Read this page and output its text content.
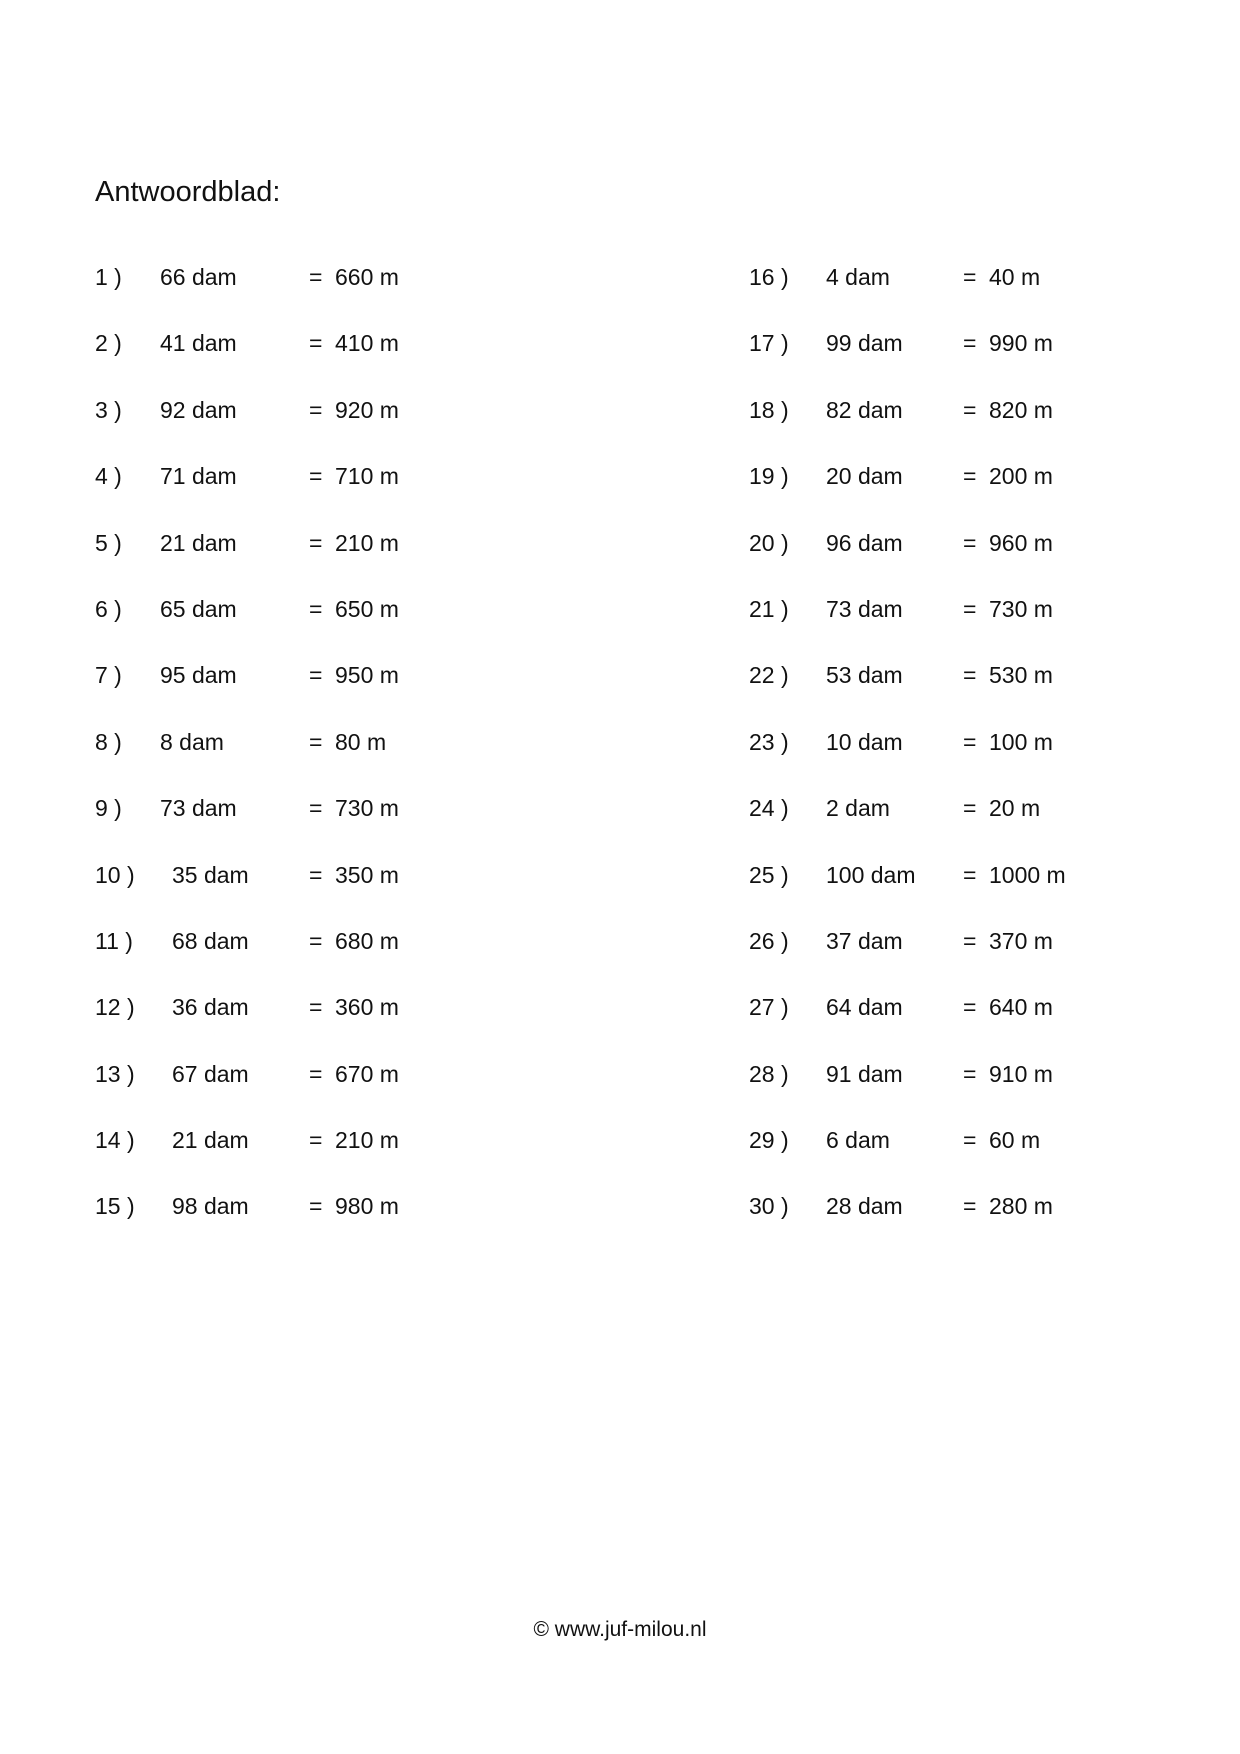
Antwoordblad:
1 ) 66 dam	= 660 m
2 ) 41 dam	= 410 m
3 ) 92 dam	= 920 m
4 ) 71 dam	= 710 m
5 ) 21 dam	= 210 m
6 ) 65 dam	= 650 m
7 ) 95 dam	= 950 m
8 ) 8 dam	= 80 m
9 ) 73 dam	= 730 m
10 ) 35 dam	= 350 m
11 ) 68 dam	= 680 m
12 ) 36 dam	= 360 m
13 ) 67 dam	= 670 m
14 ) 21 dam	= 210 m
15 ) 98 dam	= 980 m
16 ) 4 dam	= 40 m
17 ) 99 dam	= 990 m
18 ) 82 dam	= 820 m
19 ) 20 dam	= 200 m
20 ) 96 dam	= 960 m
21 ) 73 dam	= 730 m
22 ) 53 dam	= 530 m
23 ) 10 dam	= 100 m
24 ) 2 dam	= 20 m
25 ) 100 dam = 1000 m
26 ) 37 dam	= 370 m
27 ) 64 dam	= 640 m
28 ) 91 dam	= 910 m
29 ) 6 dam	= 60 m
30 ) 28 dam	= 280 m
© www.juf-milou.nl
